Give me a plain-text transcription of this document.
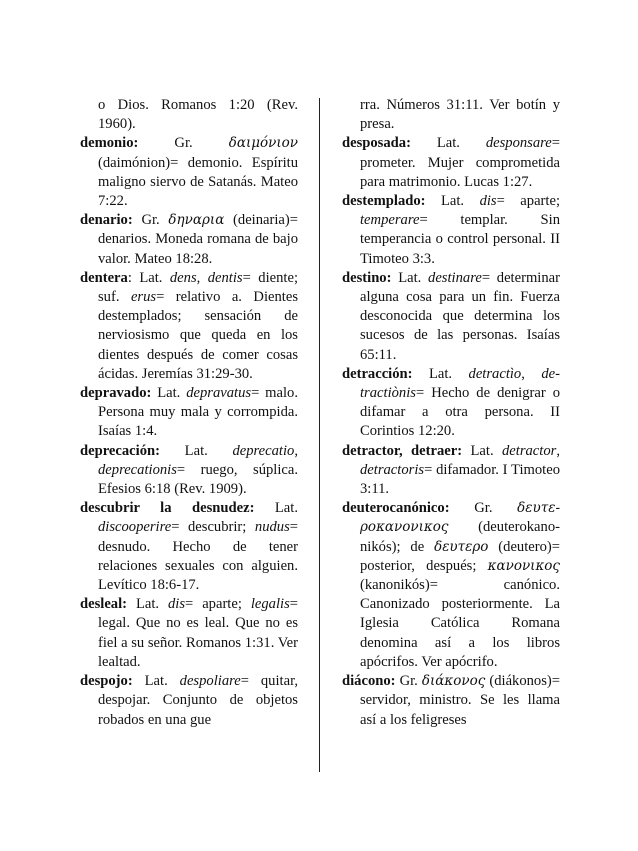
o Dios. Romanos 1:20 (Rev. 1960).

demonio: Gr. δαιμόνιον (daimónion)= demonio. Espíritu maligno siervo de Satanás. Mateo 7:22.

denario: Gr. δηναρια (deinaria)= denarios. Moneda romana de bajo valor. Mateo 18:28.

dentera: Lat. dens, dentis= diente; suf. erus= relativo a. Dientes destemplados; sensación de nerviosismo que queda en los dientes después de comer cosas ácidas. Jeremías 31:29-30.

depravado: Lat. depravatus= malo. Persona muy mala y corrompida. Isaías 1:4.

deprecación: Lat. deprecatio, deprecationis= ruego, súplica. Efesios 6:18 (Rev. 1909).

descubrir la desnudez: Lat. discooperire= descubrir; nudus= desnudo. Hecho de tener relaciones sexuales con alguien. Levítico 18:6-17.

desleal: Lat. dis= aparte; legalis= legal. Que no es leal. Que no es fiel a su señor. Romanos 1:31. Ver lealtad.

despojo: Lat. despoliare= quitar, despojar. Conjunto de objetos robados en una gue

rra. Números 31:11. Ver botín y presa.

desposada: Lat. desponsare= prometer. Mujer comprometida para matrimonio. Lucas 1:27.

destemplado: Lat. dis= aparte; temperare= templar. Sin temperancia o control personal. II Timoteo 3:3.

destino: Lat. destinare= determinar alguna cosa para un fin. Fuerza desconocida que determina los sucesos de las personas. Isaías 65:11.

detracción: Lat. detractìo, detractiònis= Hecho de denigrar o difamar a otra persona. II Corintios 12:20.

detractor, detraer: Lat. detractor, detractoris= difamador. I Timoteo 3:11.

deuterocanónico: Gr. δευτεροκανονικος (deuterokanonikós); de δευτερο (deutero)= posterior, después; κανονικος (kanonikós)= canónico. Canonizado posteriormente. La Iglesia Católica Romana denomina así a los libros apócrifos. Ver apócrifo.

diácono: Gr. διάκονος (diákonos)= servidor, ministro. Se les llama así a los feligreses
